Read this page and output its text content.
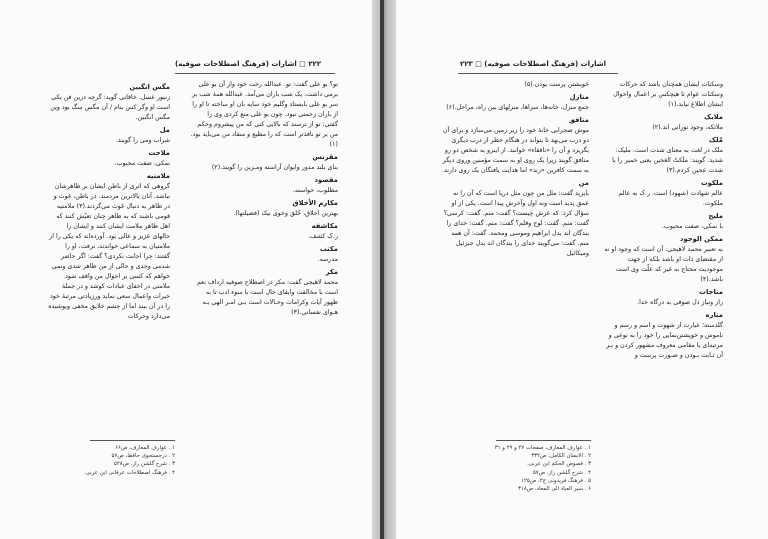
۲۲۲ □ اشارات (فرهنگ اصطلاحات صوفیه)

مگس انگبین

زنبور عسل. خاقانی گوید: گرچه درین فن یکی است او وگر کس بنام / آن مگس سگ بود وین مگس انگبین.

مل

شراب ومی را گویند.

ملاحت

نمکی، صفت محبوب.

ملامتیه

گروهی که اثری از باطن ایشان بر ظاهرشان نباشد. آنان بالاترین مردمند. در باطن، غوث و در ظاهر به دنبال غوث می‌گردند.(۳) ملامتیه قومی باشند که به ظاهر چنان تعیّش کنند که اهل ظاهر ملامت ایشان کنند و ایشان را حالهای عزیز و عالی بود. آورده‌اند که یکی را از ملامتیان به سماعی خواندند، نرفت، او را گفتند: چرا اجابت نکردی؟ گفت: اگر حاضر شدمی وجدی و حالی از من ظاهر شدی ونمی خواهم که کسی بر احوال من واقف شود. ملامتی در اخفای عبادات کوشد و در جملهٔ خیرات واعمال سعی نماید ورزیادتی مرتبهٔ خود را در آن بیند اما از چشم خلایق مخفی ویوشیده می‌دارد وحرکات

تو؟ بو علی گفت: تو. عبدالله رخت خود واز آن بو علی برمی داشت. یک شب باران می‌آمد. عبدالله همهٔ شب بر سر بو علی بایستاد وگلیم خود سایه بان او ساخته تا او را از باران زحمتی نبود. چون بو علی منع کردی وی را گفتی: تو از ترسند که بالایی کنی که من پیشروم وحکم من بر تو نافذتر است که را مطیع و منقاد من می‌باید بود.(۱)

مقرنس

بنای بلند مدور وایوان آراسته ومـزین را گویند.(۲)

مقصود

مطلوب، خواسته.

مکارم الأخلاق

بهترین اخلاق، خُلق وخوی نیک (فضیلتها).

مکاشفه

ر.ک کشف.

مکتب

مدرسه.

مکر

محمد لاهیجی گفت: مکر در اصطلاح صوفیه ارداف نعم است با مخالفت وابقای حال است با سوء ادب تا به ظهور آیات وکرامات وحـالات است بـی امـر الهی بـه هـوای نفسانی.(۳)

۱ . عوارف المعارف، ص۶۶
۲ . درجستجوی حافظ، ص۵۷
۳ . شرح گلشن راز، ص۵۴۸
۴ . فرهنگ اصطلاحات عرفانی ابن عربی.
اشارات (فرهنگ اصطلاحات صوفیه) □ ۲۲۳

وسکنات ایشان همچنان باشد که حرکات وسکنات عوام تا هیچکس بر اعمال واحوال ایشان اطلاع نیابد.(۱)

ملایک

ملائکه، وجود نورانی اند.(۲)

مُلک

ملک در لغت به معنای شدت است. ملیک: شدید. گویند: مَلَکتُ العَجین یعنی خمیر را با شدت عجین کردم.(۳)

ملکوت

عالم شهادت (شهود) است. ر.ک به عالم ملکوت.

ملیح

با نمکی، صفت محبوب.

ممکن الوجود

به تعبیر محمد لاهیجی: آن است که وجود او نه از مقتضای ذات او باشد بلکه از جهت موجودیت محتاج به غیر که علّت وی است باشد.(۴)

مناجات

راز ونیاز دل صوفی به درگاه خدا.

مناره

گلدسته؛ عبارت از شهوت و اسم و رسم و ناموس و خویشتن‌نمایی را خود را به نوعی و مرتبه‌ای یا مقامی معروف مشهور کردن و بـر آن ثـابت بـودن و صـورت پرست و

خویشتن پرست بودن.(۵)

منازل

جمع منزل، خانه‌ها، سراها، منزلهای بین راه، مراحل.(۶)

منافق

موش صحرایی خانهٔ خود را زیر زمین می‌سازد و برای آن دو درب می‌نهد تا بتواند در هنگام خطر از درب دیگری بگریزد و آن را «نافقاء» خوانند. از اینرو به شخص دو رو منافق گویند زیرا یک روی او به سمت مؤمنین وروی دیگر به سمت کافرین «زند» اما هدایت یافتگان یک روی دارند.

من

بایزید گفت: مثَل من چون مثل دریا است که آن را نه عمق پدید است ونه اول وآخرش پیدا است. یکی از او سؤال کرد: که عرش چیست؟ گفت: منم. گفت: کرسی؟ گفت: منم. گفت: لوح وقلم؟ گفت: منم. گفت: خدای را بندگان اند بدل ابراهیم وموسی ومحمد. گفت: آن همه منم. گفت: می‌گویند خدای را بندگان اند بدل جبرئیل ومیکائیل

۱ . عوارف المعارف، صفحات ۲۷ و ۲۹ و ۳۱
۲ . الانسان الکامل، ص۳۳۲
۳ . فصوص الحکم ابن عربی.
۴ . شرح گلشن راز، ص۵۷
۵ . فرهنگ فریدونی ج۲، ص۱۲۵
۶ . سیر العباد الی المعاد، ص۳۱۸
